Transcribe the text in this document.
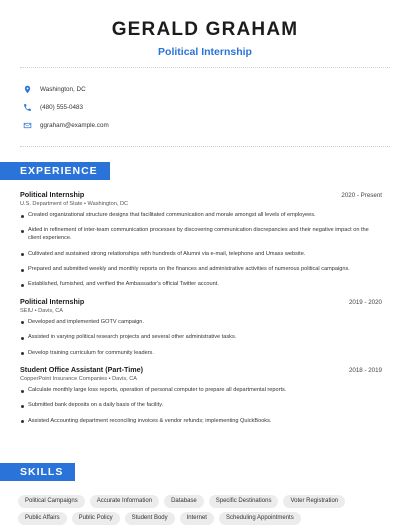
GERALD GRAHAM
Political Internship
Washington, DC
(480) 555-0483
ggraham@example.com
EXPERIENCE
Political Internship	2020 - Present
U.S. Department of State • Washington, DC
Created organizational structure designs that facilitated communication and morale amongst all levels of employees.
Aided in refinement of inter-team communication processes by discovering communication discrepancies and their negative impact on the client experience.
Cultivated and sustained strong relationships with hundreds of Alumni via e-mail, telephone and Umass website.
Prepared and submitted weekly and monthly reports on the finances and administrative activities of numerous political campaigns.
Established, furnished, and verified the Ambassador's official Twitter account.
Political Internship	2019 - 2020
SEIU • Davis, CA
Developed and implemented GOTV campaign.
Assisted in varying political research projects and several other administrative tasks.
Develop training curriculum for community leaders.
Student Office Assistant (Part-Time)	2018 - 2019
CopperPoint Insurance Companies • Davis, CA
Calculate monthly large loss reports, operation of personal computer to prepare all departmental reports.
Submitted bank deposits on a daily basis of the facility.
Assisted Accounting department reconciling invoices & vendor refunds; implementing QuickBooks.
SKILLS
Political Campaigns	Accurate Information	Database	Specific Destinations	Voter Registration
Public Affairs	Public Policy	Student Body	Internet	Scheduling Appointments
